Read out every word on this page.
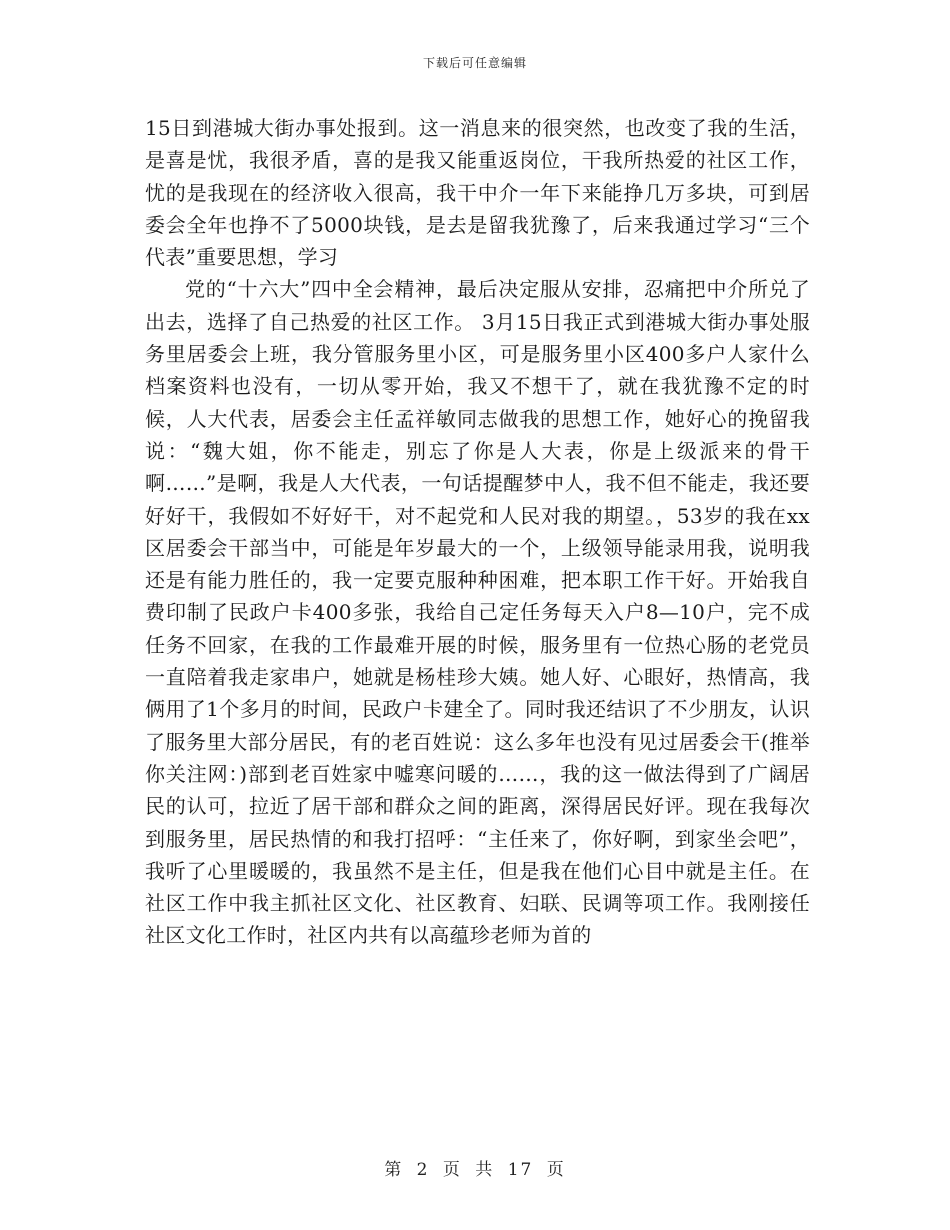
下载后可任意编辑

15日到港城大街办事处报到。这一消息来的很突然，也改变了我的生活，是喜是忧，我很矛盾，喜的是我又能重返岗位，干我所热爱的社区工作，忧的是我现在的经济收入很高，我干中介一年下来能挣几万多块，可到居委会全年也挣不了5000块钱，是去是留我犹豫了，后来我通过学习“三个代表”重要思想，学习

党的“十六大”四中全会精神，最后决定服从安排，忍痛把中介所兑了出去，选择了自己热爱的社区工作。 3月15日我正式到港城大街办事处服务里居委会上班，我分管服务里小区，可是服务里小区400多户人家什么档案资料也没有，一切从零开始，我又不想干了，就在我犹豫不定的时候，人大代表，居委会主任孟祥敏同志做我的思想工作，她好心的挽留我说：“魏大姐，你不能走，别忘了你是人大表，你是上级派来的骨干啊……”是啊，我是人大代表，一句话提醒梦中人，我不但不能走，我还要好好干，我假如不好好干，对不起党和人民对我的期望。，53岁的我在xx区居委会干部当中，可能是年岁最大的一个，上级领导能录用我，说明我还是有能力胜任的，我一定要克服种种困难，把本职工作干好。开始我自费印制了民政户卡400多张，我给自己定任务每天入户8—10户，完不成任务不回家，在我的工作最难开展的时候，服务里有一位热心肠的老党员一直陪着我走家串户，她就是杨桂珍大姨。她人好、心眼好，热情高，我俩用了1个多月的时间，民政户卡建全了。同时我还结识了不少朋友，认识了服务里大部分居民，有的老百姓说：这么多年也没有见过居委会干(推举你关注网：)部到老百姓家中嘘寒问暖的……，我的这一做法得到了广阔居民的认可，拉近了居干部和群众之间的距离，深得居民好评。现在我每次到服务里，居民热情的和我打招呼：“主任来了，你好啊，到家坐会吧”，我听了心里暖暖的，我虽然不是主任，但是我在他们心目中就是主任。在社区工作中我主抓社区文化、社区教育、妇联、民调等项工作。我刚接任社区文化工作时，社区内共有以高蕴珍老师为首的

第 2 页 共 17 页
